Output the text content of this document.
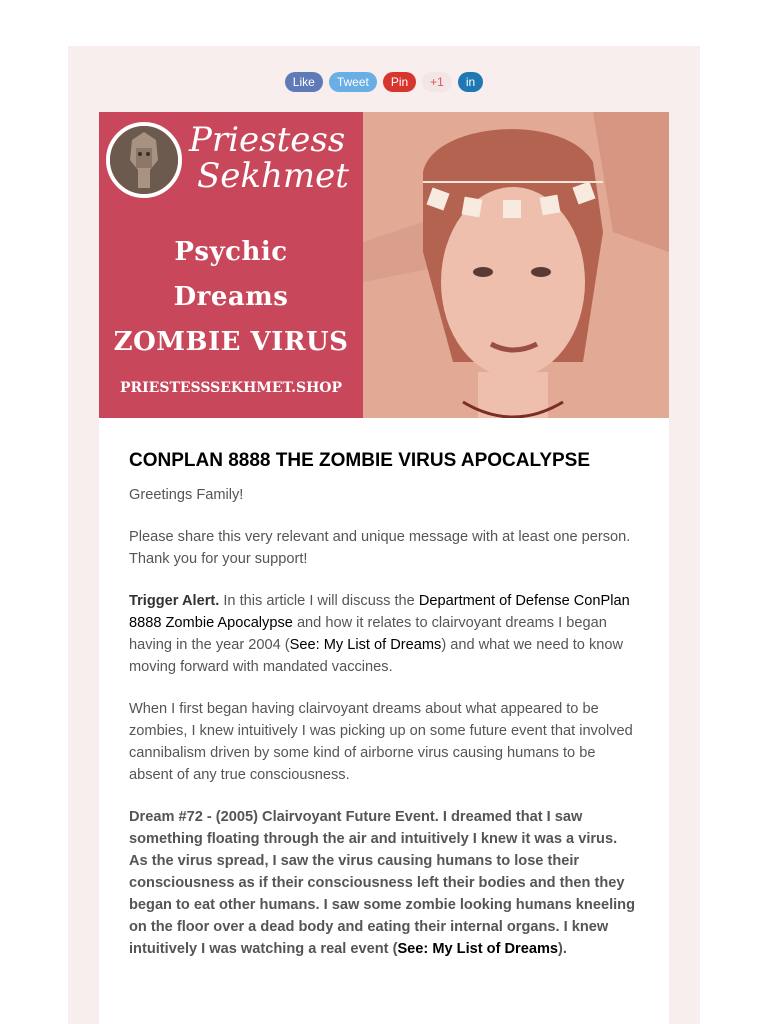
Like	Tweet	Pin	+1	in
Priestess
Sekhmet
Psychic
Dreams
ZOMBIE VIRUS
PRIESTESSSEKHMET.SHOP
CONPLAN 8888 THE ZOMBIE VIRUS APOCALYPSE

Greetings Family!

Please share this very relevant and unique message with at least one person. Thank you for your support!

Trigger Alert. In this article I will discuss the Department of Defense ConPlan 8888 Zombie Apocalypse and how it relates to clairvoyant dreams I began having in the year 2004 (See: My List of Dreams) and what we need to know moving forward with mandated vaccines.

When I first began having clairvoyant dreams about what appeared to be zombies, I knew intuitively I was picking up on some future event that involved cannibalism driven by some kind of airborne virus causing humans to be absent of any true consciousness.

Dream #72 - (2005) Clairvoyant Future Event. I dreamed that I saw something floating through the air and intuitively I knew it was a virus. As the virus spread, I saw the virus causing humans to lose their consciousness as if their consciousness left their bodies and then they began to eat other humans. I saw some zombie looking humans kneeling on the floor over a dead body and eating their internal organs. I knew intuitively I was watching a real event (See: My List of Dreams).
